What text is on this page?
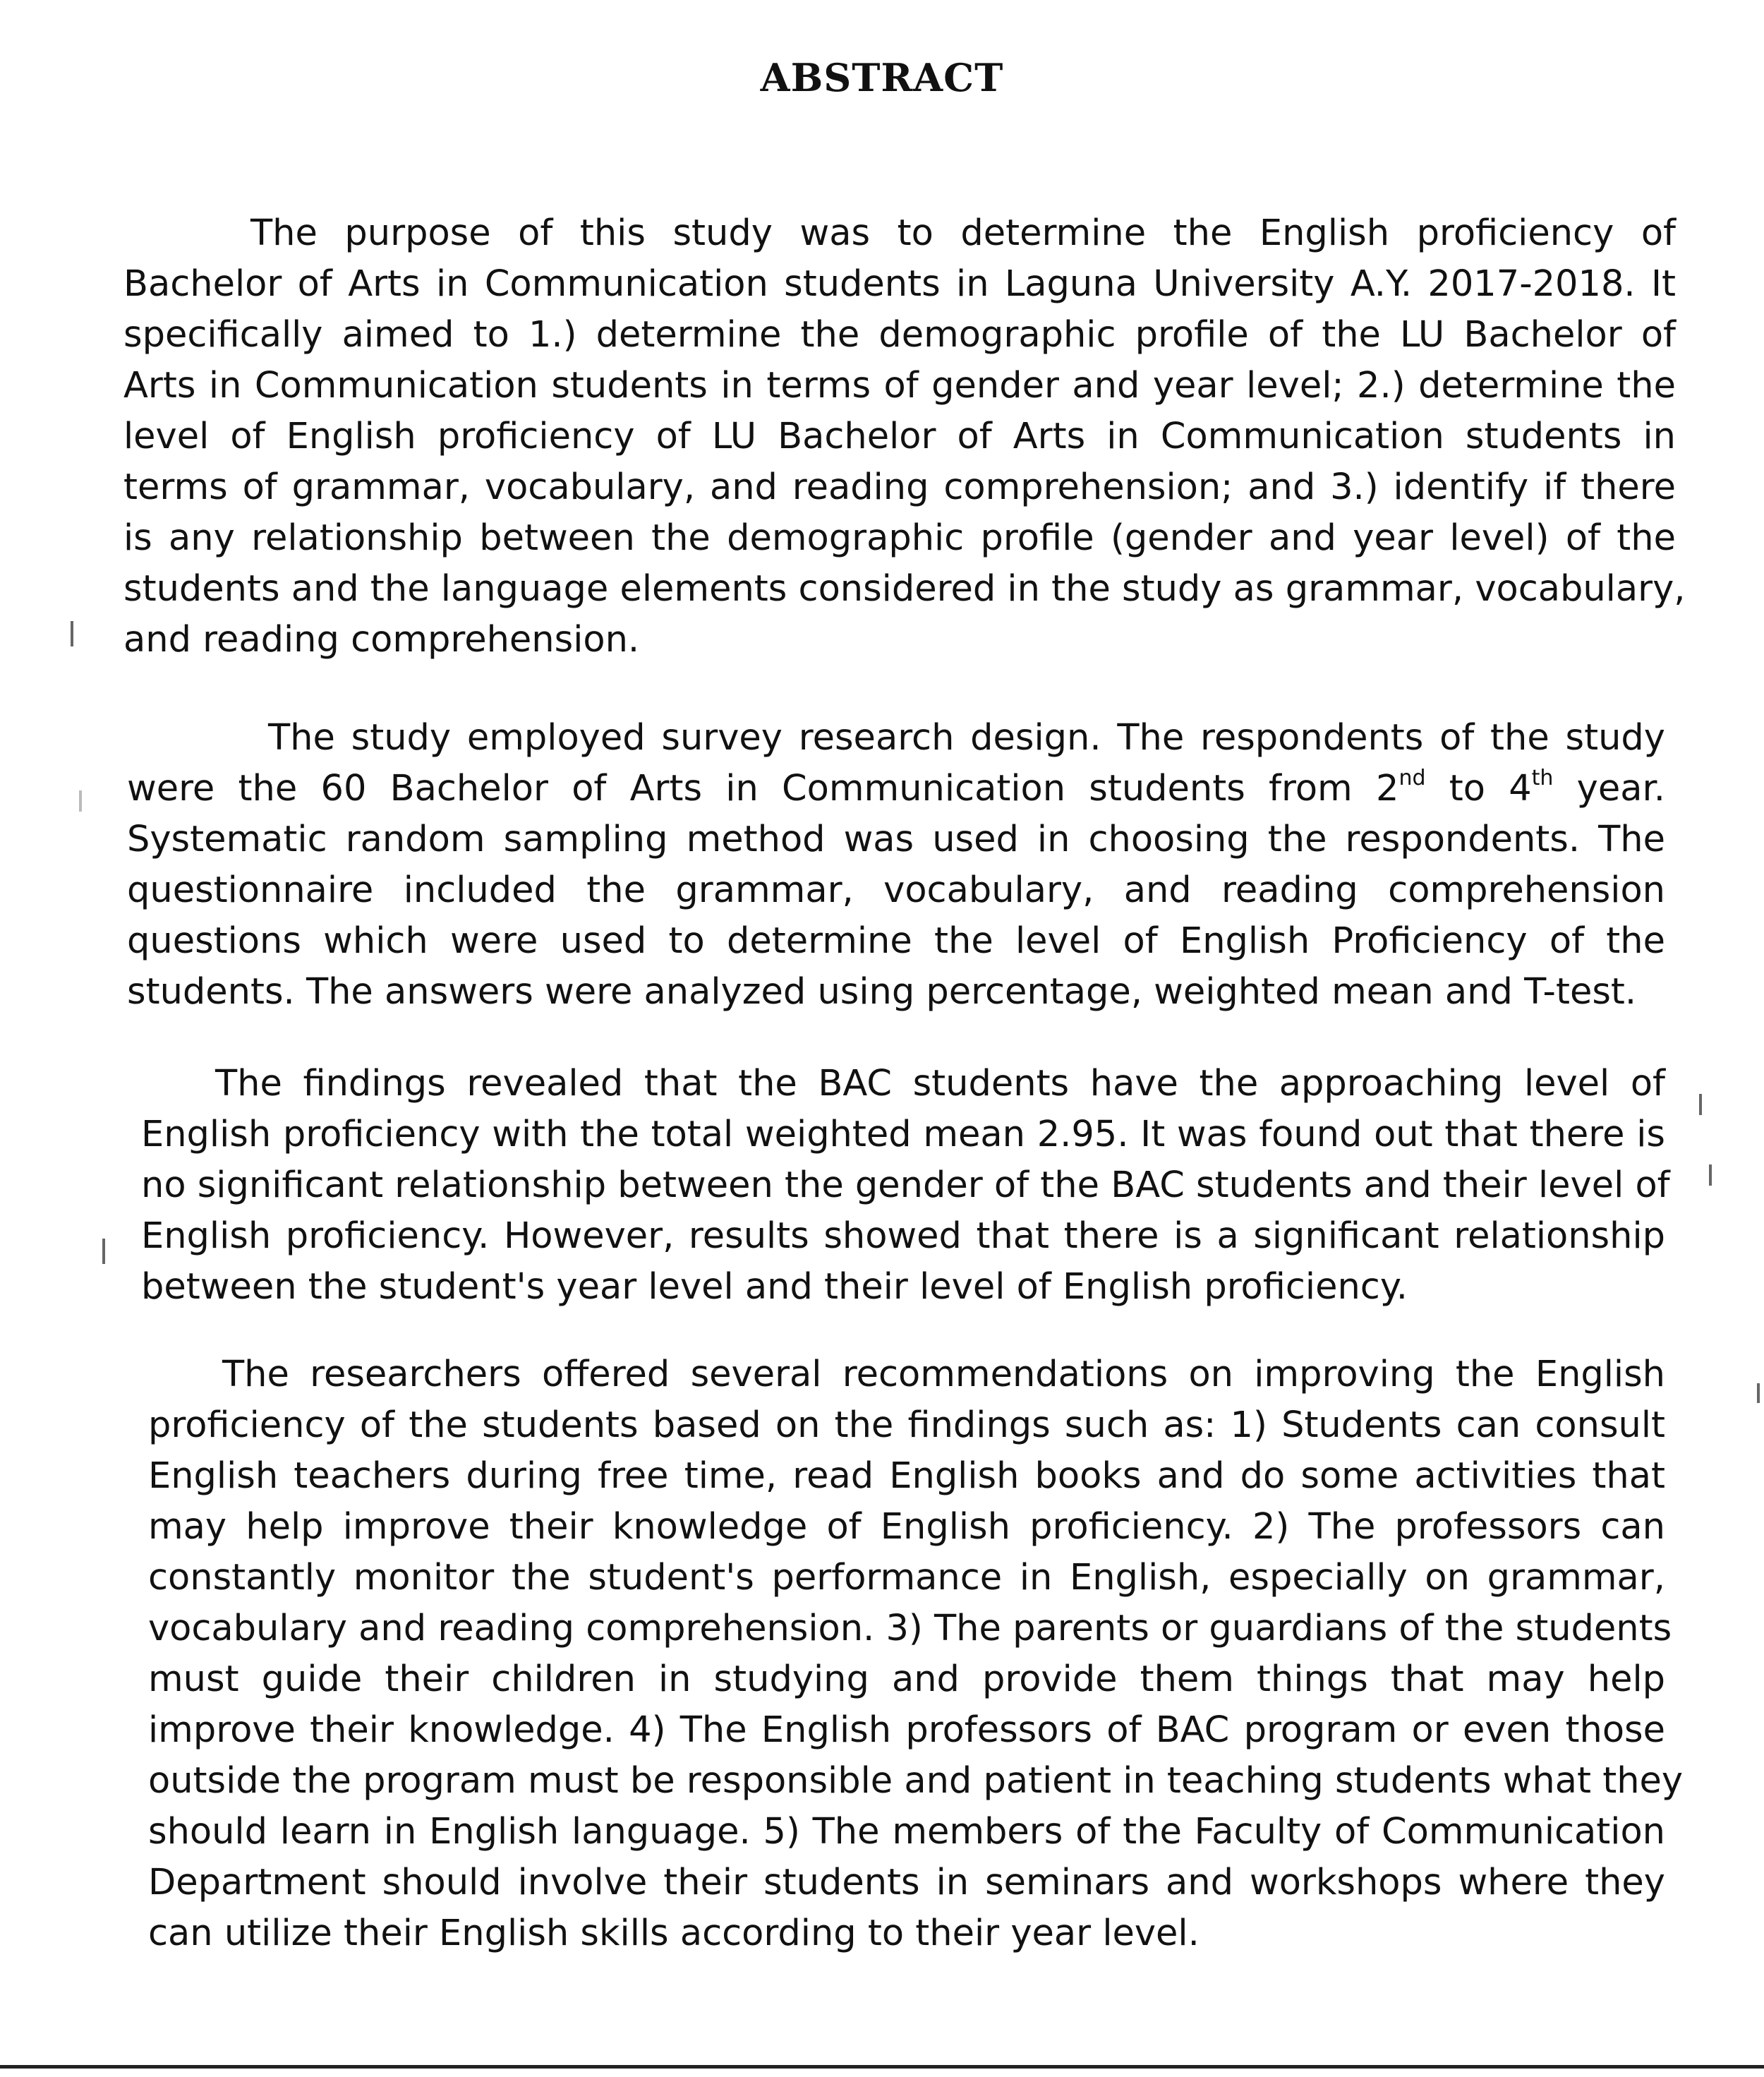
ABSTRACT
The purpose of this study was to determine the English proficiency of
Bachelor of Arts in Communication students in Laguna University A.Y. 2017-2018. It
specifically aimed to 1.) determine the demographic profile of the LU Bachelor of
Arts in Communication students in terms of gender and year level; 2.) determine the
level of English proficiency of LU Bachelor of Arts in Communication students in
terms of grammar, vocabulary, and reading comprehension; and 3.) identify if there
is any relationship between the demographic profile (gender and year level) of the
students and the language elements considered in the study as grammar, vocabulary,
and reading comprehension.
The study employed survey research design. The respondents of the study
were the 60 Bachelor of Arts in Communication students from 2nd to 4th year.
Systematic random sampling method was used in choosing the respondents. The
questionnaire included the grammar, vocabulary, and reading comprehension
questions which were used to determine the level of English Proficiency of the
students. The answers were analyzed using percentage, weighted mean and T-test.
The findings revealed that the BAC students have the approaching level of
English proficiency with the total weighted mean 2.95. It was found out that there is
no significant relationship between the gender of the BAC students and their level of
English proficiency. However, results showed that there is a significant relationship
between the student's year level and their level of English proficiency.
The researchers offered several recommendations on improving the English
proficiency of the students based on the findings such as: 1) Students can consult
English teachers during free time, read English books and do some activities that
may help improve their knowledge of English proficiency. 2) The professors can
constantly monitor the student's performance in English, especially on grammar,
vocabulary and reading comprehension. 3) The parents or guardians of the students
must guide their children in studying and provide them things that may help
improve their knowledge. 4) The English professors of BAC program or even those
outside the program must be responsible and patient in teaching students what they
should learn in English language. 5) The members of the Faculty of Communication
Department should involve their students in seminars and workshops where they
can utilize their English skills according to their year level.
